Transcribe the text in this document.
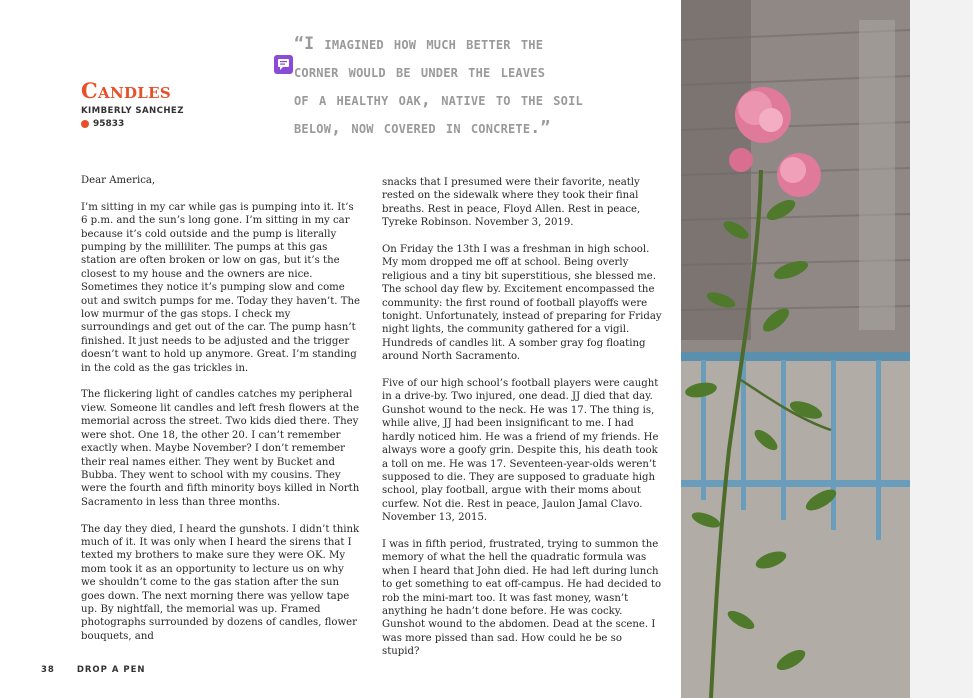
“I imagined how much better the
corner would be under the leaves
of a healthy oak, native to the soil
below, now covered in concrete.”
Candles
KIMBERLY SANCHEZ
95833

Dear America,

I’m sitting in my car while gas is pumping into it. It’s 6 p.m. and the sun’s long gone. I’m sitting in my car because it’s cold outside and the pump is literally pumping by the milliliter. The pumps at this gas station are often broken or low on gas, but it’s the closest to my house and the owners are nice. Sometimes they notice it’s pumping slow and come out and switch pumps for me. Today they haven’t. The low murmur of the gas stops. I check my surroundings and get out of the car. The pump hasn’t finished. It just needs to be adjusted and the trigger doesn’t want to hold up anymore. Great. I’m standing in the cold as the gas trickles in.

The flickering light of candles catches my peripheral view. Someone lit candles and left fresh flowers at the memorial across the street. Two kids died there. They were shot. One 18, the other 20. I can’t remember exactly when. Maybe November? I don’t remember their real names either. They went by Bucket and Bubba. They went to school with my cousins. They were the fourth and fifth minority boys killed in North Sacramento in less than three months.

The day they died, I heard the gunshots. I didn’t think much of it. It was only when I heard the sirens that I texted my brothers to make sure they were OK. My mom took it as an opportunity to lecture us on why we shouldn’t come to the gas station after the sun goes down. The next morning there was yellow tape up. By nightfall, the memorial was up. Framed photographs surrounded by dozens of candles, flower bouquets, and

snacks that I presumed were their favorite, neatly rested on the sidewalk where they took their final breaths. Rest in peace, Floyd Allen. Rest in peace, Tyreke Robinson. November 3, 2019.

On Friday the 13th I was a freshman in high school. My mom dropped me off at school. Being overly religious and a tiny bit superstitious, she blessed me. The school day flew by. Excitement encompassed the community: the first round of football playoffs were tonight. Unfortunately, instead of preparing for Friday night lights, the community gathered for a vigil. Hundreds of candles lit. A somber gray fog floating around North Sacramento.

Five of our high school’s football players were caught in a drive-by. Two injured, one dead. JJ died that day. Gunshot wound to the neck. He was 17. The thing is, while alive, JJ had been insignificant to me. I had hardly noticed him. He was a friend of my friends. He always wore a goofy grin. Despite this, his death took a toll on me. He was 17. Seventeen-year-olds weren’t supposed to die. They are supposed to graduate high school, play football, argue with their moms about curfew. Not die. Rest in peace, Jaulon Jamal Clavo. November 13, 2015.

I was in fifth period, frustrated, trying to summon the memory of what the hell the quadratic formula was when I heard that John died. He had left during lunch to get something to eat off-campus. He had decided to rob the mini-mart too. It was fast money, wasn’t anything he hadn’t done before. He was cocky. Gunshot wound to the abdomen. Dead at the scene. I was more pissed than sad. How could he be so stupid?

38	DROP A PEN
